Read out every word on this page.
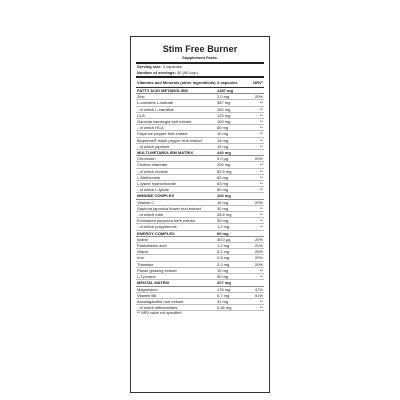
Stim Free Burner
Supplement Facts:
Serving size: 3 capsules
Number of servings: 30 (90 kap.)
Vitamins and Minerals (other ingredients) 3 capsules	NRV²
FATTY ACID METABOLISM	1487 mg
Zinc	2.0 mg	20%
L-carnitine L-tartrate	387 mg	**
- of which L-carnitine	260 mg	**
CLA	120 mg	**
Garcinia cambogia fruit extract	100 mg	**
- of which HCA	60 mg	**
Cayenne pepper fruit extract	10 mg	**
Bioperine® black pepper fruit extract	16 mg	**
- of which piperine	15 mg	**
MULTI-METABOLISM MATRIX	440 mg
Chromium	9.0 µg	20%
Choline bitartrate	200 mg	**
- of which choline	82.5 mg	**
L-Methionine	60 mg	**
L-lysine hydrochloride	63 mg	**
- of which L-lysine	50 mg	**
IMMUNE COMPLEX	106 mg
Vitamin C	16 mg	20%
Saphora japonica flower bud extract	30 mg	**
- of which rutin	28.6 mg	**
Echinacea purpurea herb extract	30 mg	**
- of which polyphenols	1.2 mg	**
ENERGY COMPLEX	60 mg
Iodine	30.0 µg	20%
Pantothenic acid	1.2 mg	20%
Niacin	3.2 mg	20%
Iron	2.8 mg	20%
Thiamine	0.2 mg	20%
Panax ginseng extract	10 mg	**
L-Tyrosine	50 mg	**
MENTAL MATRIX	207 mg
Magnesium	176 mg	47%
Vitamin B6	0.7 mg	51%
Ashwagandha root extract	31 mg	**
- of which withanolides	0.46 mg	**
** NRV value not specified
